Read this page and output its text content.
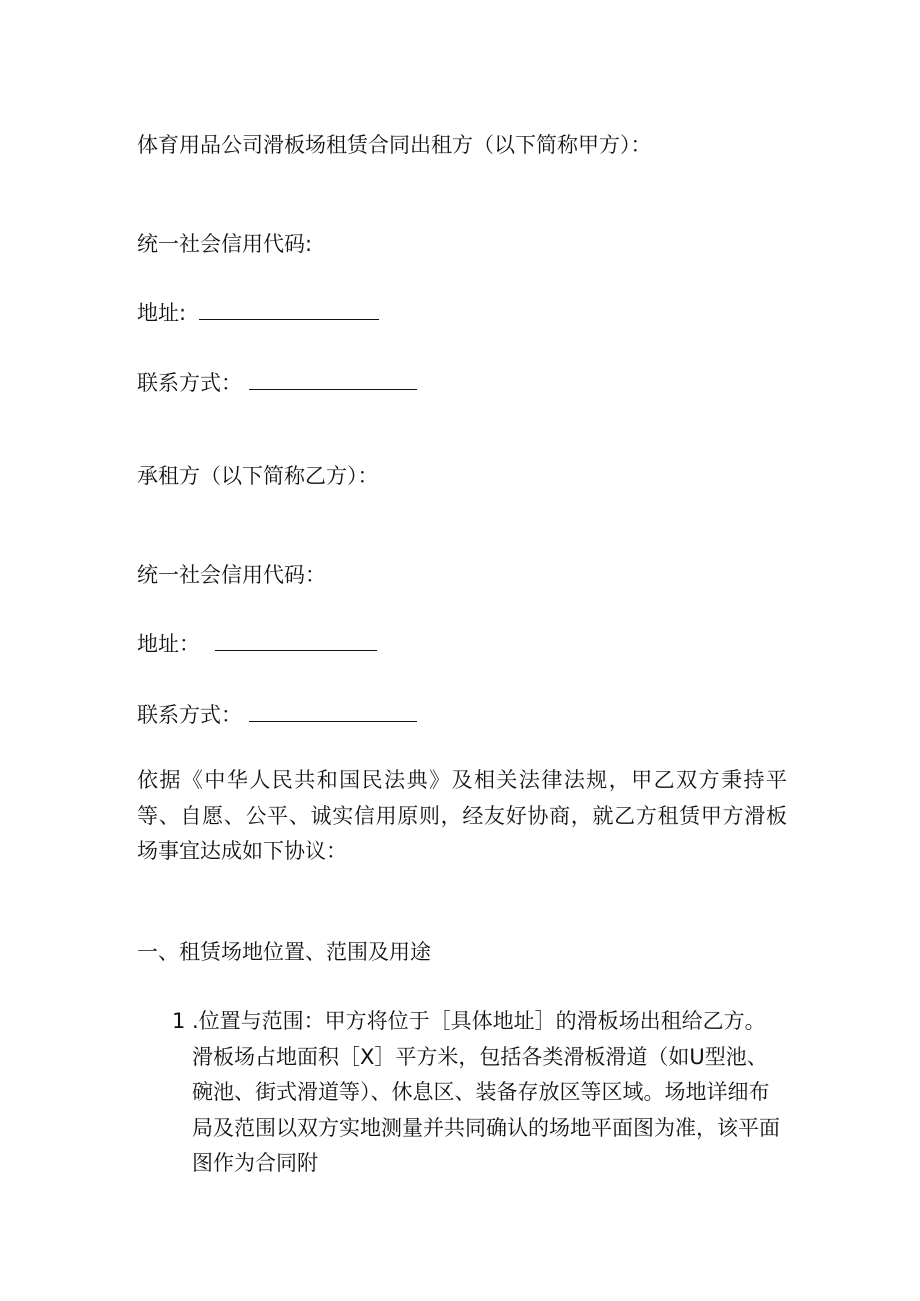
体育用品公司滑板场租赁合同出租方（以下简称甲方）：
统一社会信用代码:
地址:
联系方式：
承租方（以下简称乙方）：
统一社会信用代码：
地址：
联系方式：
依据《中华人民共和国民法典》及相关法律法规，甲乙双方秉持平等、自愿、公平、诚实信用原则，经友好协商，就乙方租赁甲方滑板场事宜达成如下协议：
一、租赁场地位置、范围及用途
1 .位置与范围：甲方将位于［具体地址］的滑板场出租给乙方。滑板场占地面积［X］平方米，包括各类滑板滑道（如U型池、碗池、街式滑道等）、休息区、装备存放区等区域。场地详细布局及范围以双方实地测量并共同确认的场地平面图为准，该平面图作为合同附
